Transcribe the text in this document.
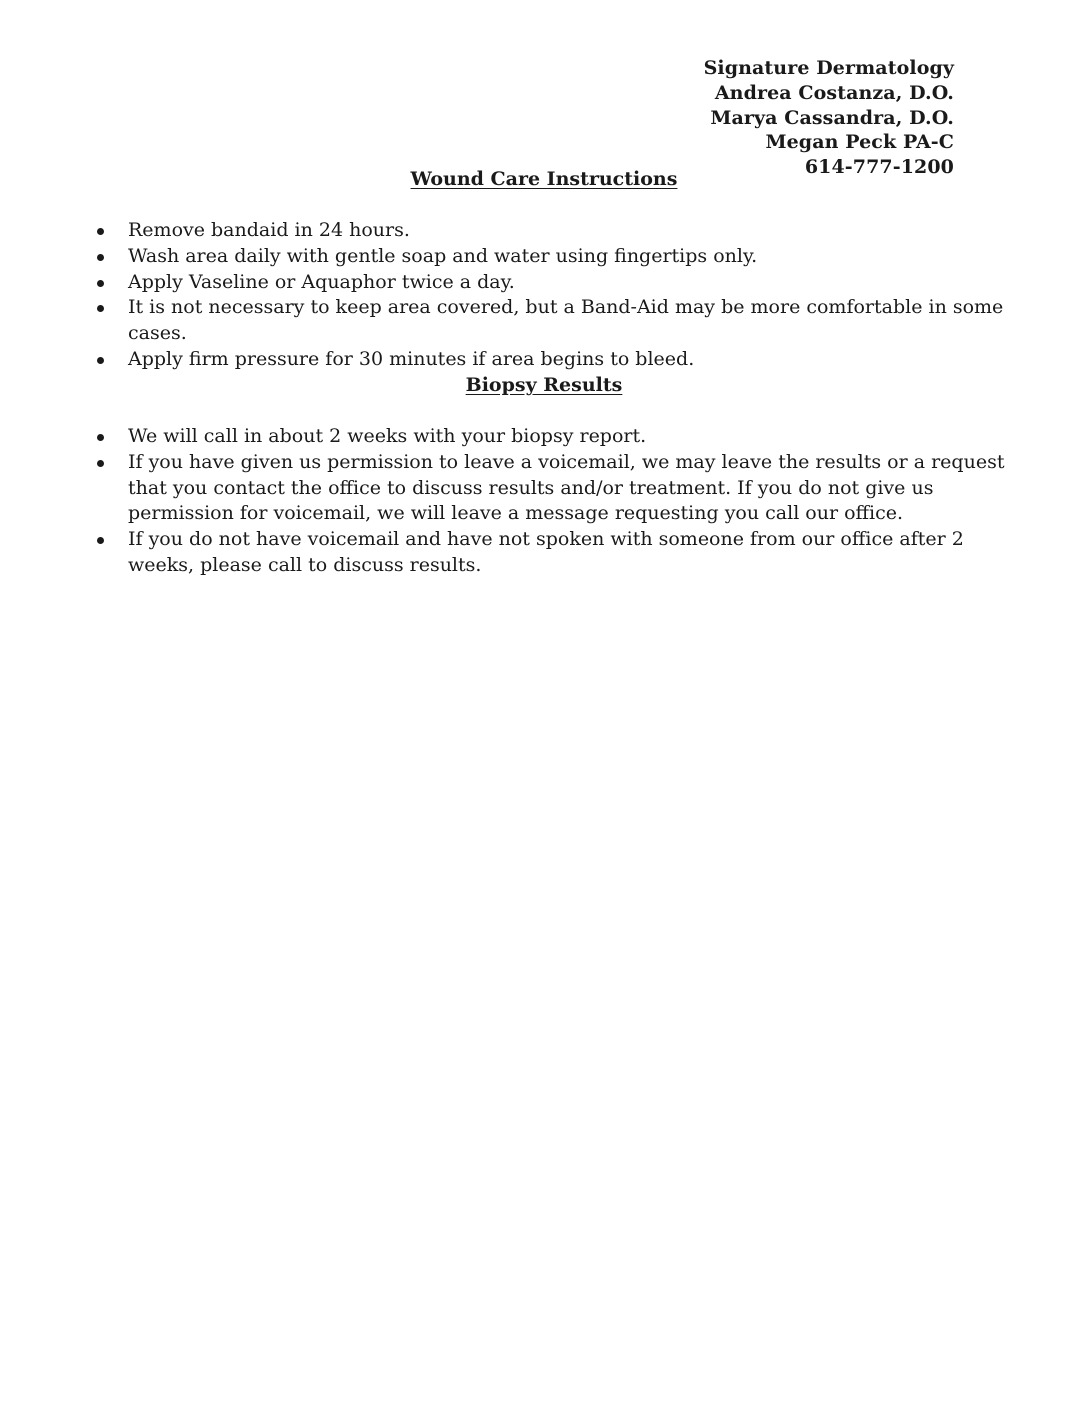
Signature Dermatology
Andrea Costanza, D.O.
Marya Cassandra, D.O.
Megan Peck PA-C
614-777-1200
Wound Care Instructions
Remove bandaid in 24 hours.
Wash area daily with gentle soap and water using fingertips only.
Apply Vaseline or Aquaphor twice a day.
It is not necessary to keep area covered, but a Band-Aid may be more comfortable in some cases.
Apply firm pressure for 30 minutes if area begins to bleed.
Biopsy Results
We will call in about 2 weeks with your biopsy report.
If you have given us permission to leave a voicemail, we may leave the results or a request that you contact the office to discuss results and/or treatment. If you do not give us permission for voicemail, we will leave a message requesting you call our office.
If you do not have voicemail and have not spoken with someone from our office after 2 weeks, please call to discuss results.
